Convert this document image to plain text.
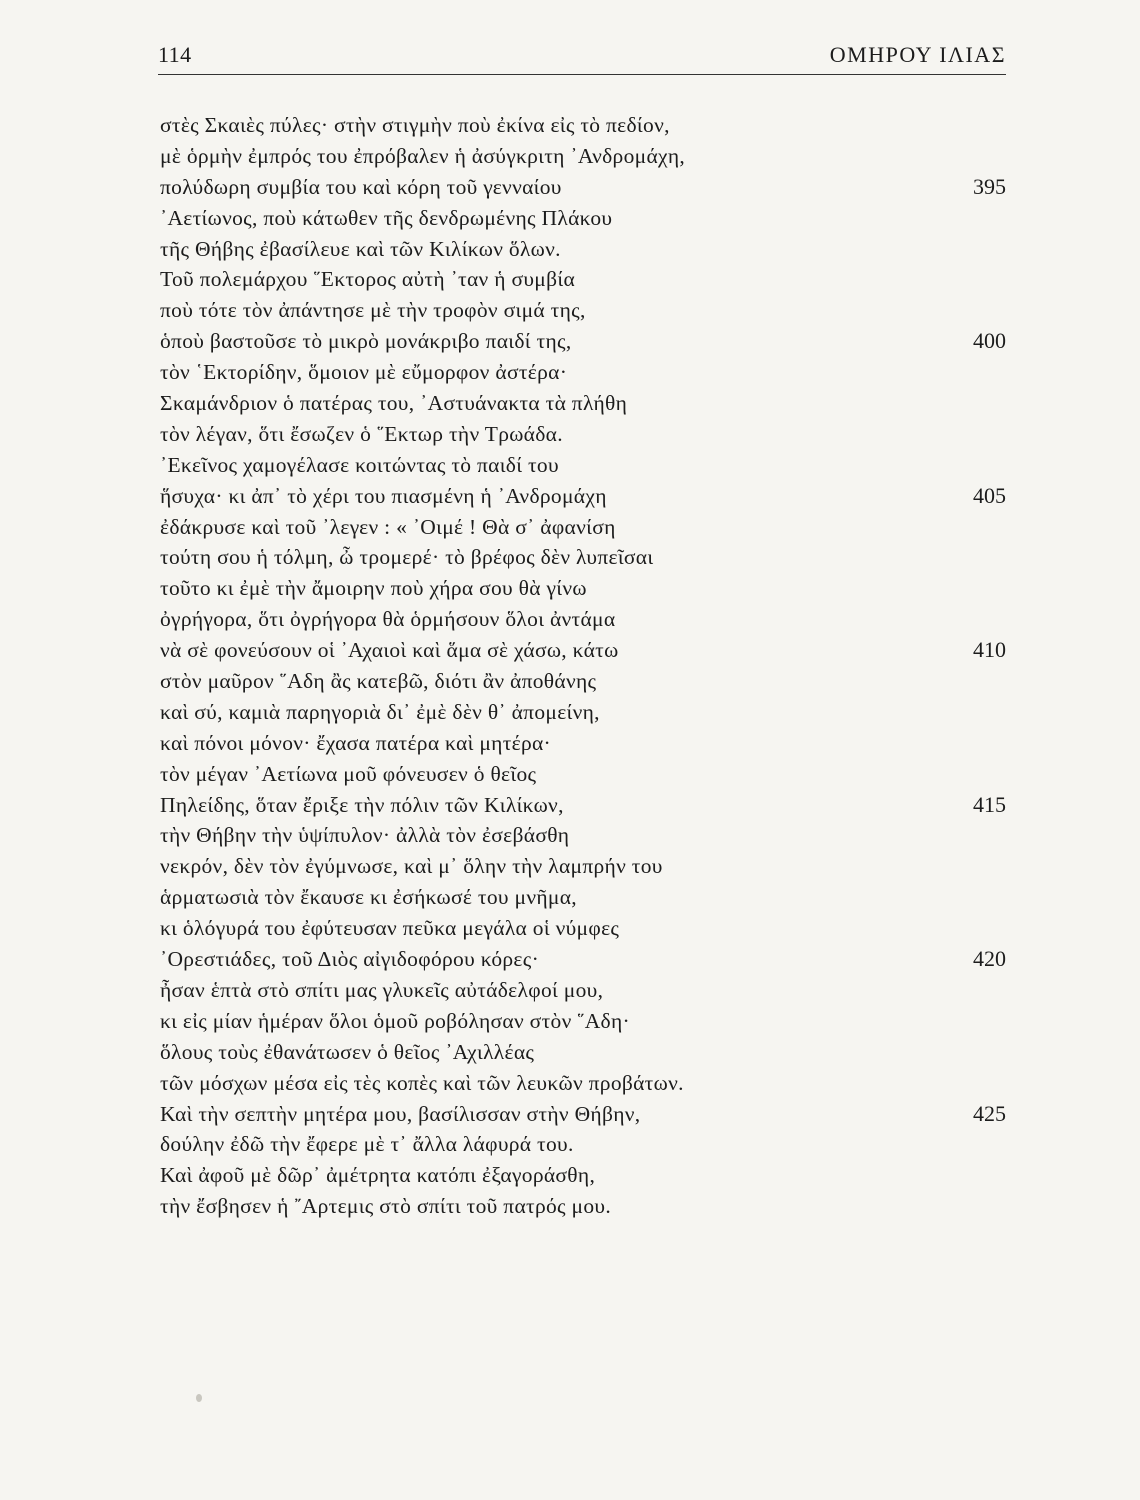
114	ΟΜΗΡΟΥ ΙΛΙΑΣ
στὲς Σκαιὲς πύλες· στὴν στιγμὴν ποὺ ἐκίνα εἰς τὸ πεδίον,
μὲ ὁρμὴν ἐμπρός του ἐπρόβαλεν ἡ ἀσύγκριτη ᾿Ανδρομάχη,
πολύδωρη συμβία του καὶ κόρη τοῦ γενναίου	395
᾿Αετίωνος, ποὺ κάτωθεν τῆς δενδρωμένης Πλάκου
τῆς Θήβης ἐβασίλευε καὶ τῶν Κιλίκων ὅλων.
Τοῦ πολεμάρχου ῞Εκτορος αὐτὴ ᾿ταν ἡ συμβία
ποὺ τότε τὸν ἀπάντησε μὲ τὴν τροφὸν σιμά της,
ὁποὺ βαστοῦσε τὸ μικρὸ μονάκριβο παιδί της,	400
τὸν ῾Εκτορίδην, ὅμοιον μὲ εὔμορφον ἀστέρα·
Σκαμάνδριον ὁ πατέρας του, ᾿Αστυάνακτα τὰ πλήθη
τὸν λέγαν, ὅτι ἔσωζεν ὁ ῞Εκτωρ τὴν Τρωάδα.
᾿Εκεῖνος χαμογέλασε κοιτώντας τὸ παιδί του
ἥσυχα· κι ἀπ᾿ τὸ χέρι του πιασμένη ἡ ᾿Ανδρομάχη	405
ἐδάκρυσε καὶ τοῦ ᾿λεγεν : « ᾿Οιμέ ! Θὰ σ᾿ ἀφανίση
τούτη σου ἡ τόλμη, ὦ τρομερέ· τὸ βρέφος δὲν λυπεῖσαι
τοῦτο κι ἐμὲ τὴν ἄμοιρην ποὺ χήρα σου θὰ γίνω
ὀγρήγορα, ὅτι ὀγρήγορα θὰ ὁρμήσουν ὅλοι ἀντάμα
νὰ σὲ φονεύσουν οἱ ᾿Αχαιοὶ καὶ ἅμα σὲ χάσω, κάτω	410
στὸν μαῦρον ῞Αδη ἂς κατεβῶ, διότι ἂν ἀποθάνης
καὶ σύ, καμιὰ παρηγοριὰ δι᾿ ἐμὲ δὲν θ᾿ ἀπομείνη,
καὶ πόνοι μόνον· ἔχασα πατέρα καὶ μητέρα·
τὸν μέγαν ᾿Αετίωνα μοῦ φόνευσεν ὁ θεῖος
Πηλείδης, ὅταν ἔριξε τὴν πόλιν τῶν Κιλίκων,	415
τὴν Θήβην τὴν ὑψίπυλον· ἀλλὰ τὸν ἐσεβάσθη
νεκρόν, δὲν τὸν ἐγύμνωσε, καὶ μ᾿ ὅλην τὴν λαμπρήν του
ἁρματωσιὰ τὸν ἔκαυσε κι ἐσήκωσέ του μνῆμα,
κι ὁλόγυρά του ἐφύτευσαν πεῦκα μεγάλα οἱ νύμφες
᾿Ορεστιάδες, τοῦ Διὸς αἰγιδοφόρου κόρες·	420
ἦσαν ἑπτὰ στὸ σπίτι μας γλυκεῖς αὐτάδελφοί μου,
κι εἰς μίαν ἡμέραν ὅλοι ὁμοῦ ροβόλησαν στὸν ῞Αδη·
ὅλους τοὺς ἐθανάτωσεν ὁ θεῖος ᾿Αχιλλέας
τῶν μόσχων μέσα εἰς τὲς κοπὲς καὶ τῶν λευκῶν προβάτων.
Καὶ τὴν σεπτὴν μητέρα μου, βασίλισσαν στὴν Θήβην,	425
δούλην ἐδῶ τὴν ἔφερε μὲ τ᾿ ἄλλα λάφυρά του.
Καὶ ἀφοῦ μὲ δῶρ᾿ ἀμέτρητα κατόπι ἐξαγοράσθη,
τὴν ἔσβησεν ἡ ῎Αρτεμις στὸ σπίτι τοῦ πατρός μου.
